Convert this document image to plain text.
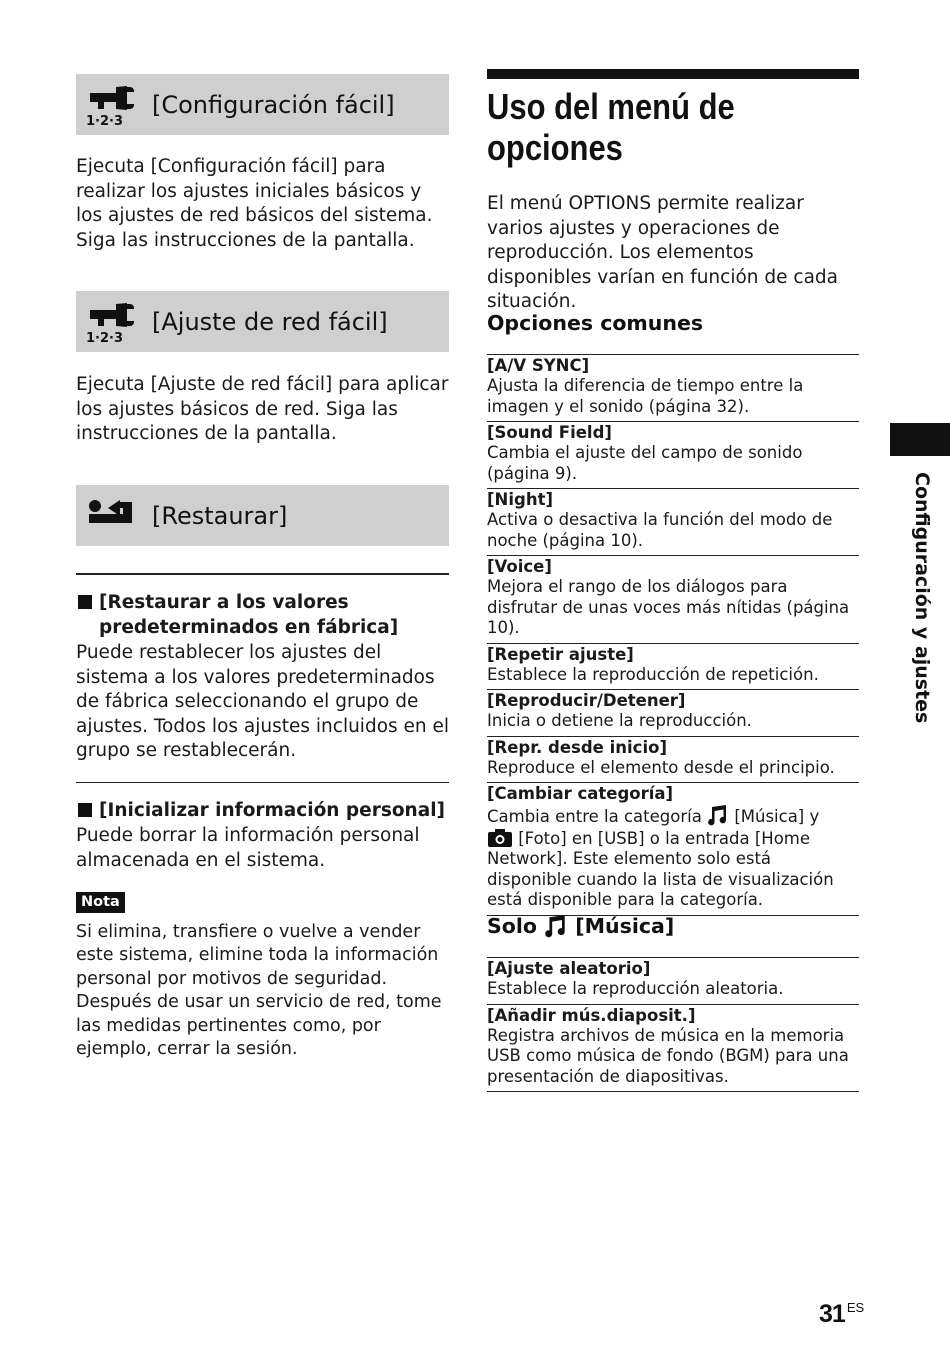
1·2·3
[Configuración fácil]

Ejecuta [Configuración fácil] para realizar los ajustes iniciales básicos y los ajustes de red básicos del sistema. Siga las instrucciones de la pantalla.

1·2·3
[Ajuste de red fácil]

Ejecuta [Ajuste de red fácil] para aplicar los ajustes básicos de red. Siga las instrucciones de la pantalla.

[Restaurar]
[Restaurar a los valores
predeterminados en fábrica]

Puede restablecer los ajustes del sistema a los valores predeterminados de fábrica seleccionando el grupo de ajustes. Todos los ajustes incluidos en el grupo se restablecerán.

[Inicializar información personal]

Puede borrar la información personal almacenada en el sistema.

Nota

Si elimina, transfiere o vuelve a vender este sistema, elimine toda la información personal por motivos de seguridad. Después de usar un servicio de red, tome las medidas pertinentes como, por ejemplo, cerrar la sesión.

Uso del menú de
opciones

El menú OPTIONS permite realizar varios ajustes y operaciones de reproducción. Los elementos disponibles varían en función de cada situación.

Opciones comunes
[A/V SYNC]
Ajusta la diferencia de tiempo entre la imagen y el sonido (página 32).
[Sound Field]
Cambia el ajuste del campo de sonido (página 9).
[Night]
Activa o desactiva la función del modo de noche (página 10).
[Voice]
Mejora el rango de los diálogos para disfrutar de unas voces más nítidas (página 10).
[Repetir ajuste]
Establece la reproducción de repetición.
[Reproducir/Detener]
Inicia o detiene la reproducción.
[Repr. desde inicio]
Reproduce el elemento desde el principio.
[Cambiar categoría]
Cambia entre la categoría [Música] y
[Foto] en [USB] o la entrada [Home Network]. Este elemento solo está disponible cuando la lista de visualización está disponible para la categoría.
Solo [Música]
[Ajuste aleatorio]
Establece la reproducción aleatoria.
[Añadir mús.diaposit.]
Registra archivos de música en la memoria USB como música de fondo (BGM) para una presentación de diapositivas.
Configuración y ajustes
31 $^{ES}$
